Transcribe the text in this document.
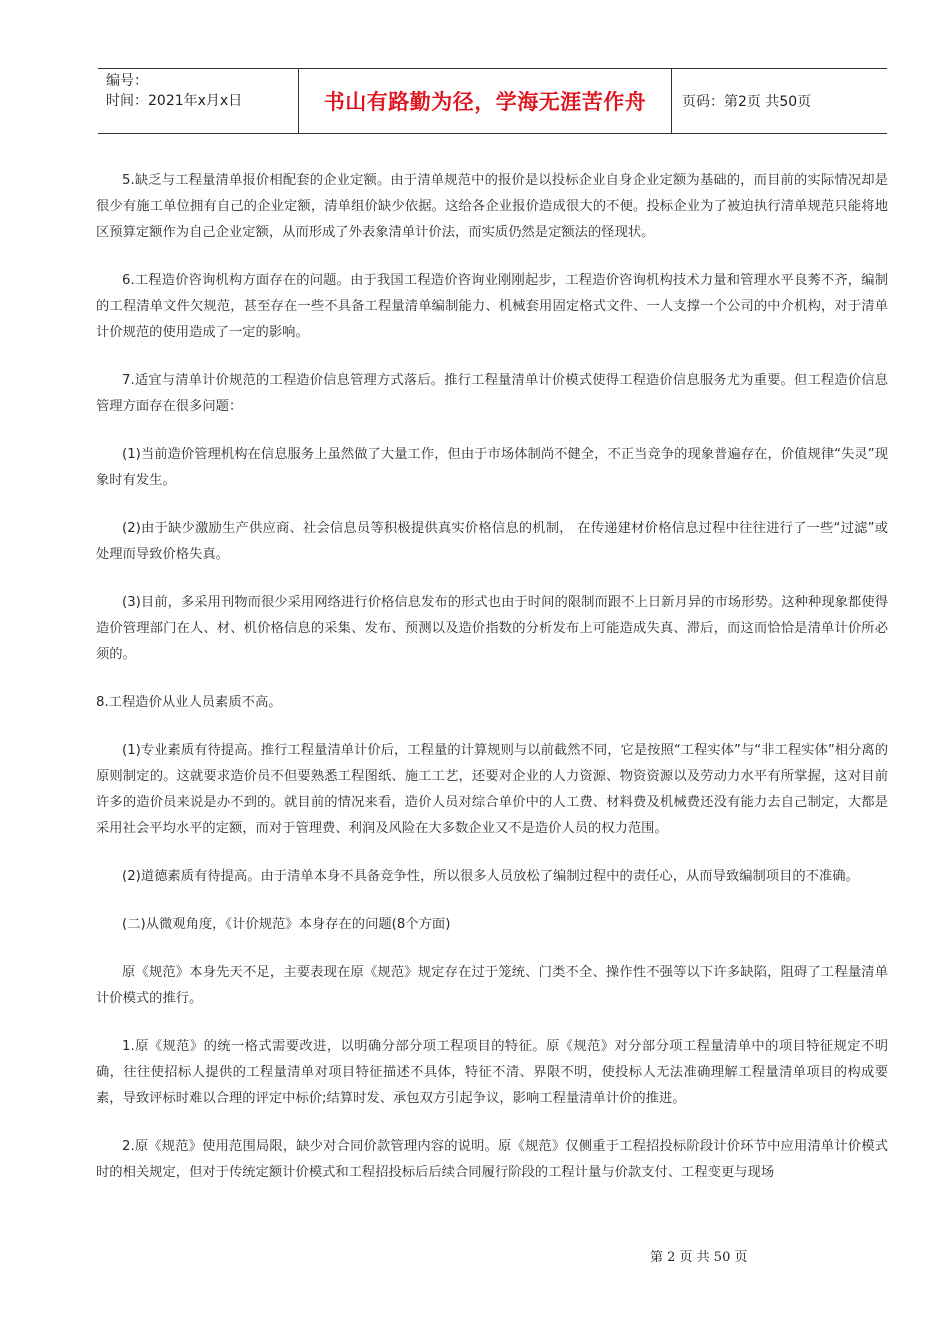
编号：
时间：2021年x月x日	书山有路勤为径，学海无涯苦作舟	页码：第2页 共50页

5.缺乏与工程量清单报价相配套的企业定额。由于清单规范中的报价是以投标企业自身企业定额为基础的，而目前的实际情况却是很少有施工单位拥有自己的企业定额，清单组价缺少依据。这给各企业报价造成很大的不便。投标企业为了被迫执行清单规范只能将地区预算定额作为自己企业定额，从而形成了外表象清单计价法，而实质仍然是定额法的怪现状。

6.工程造价咨询机构方面存在的问题。由于我国工程造价咨询业刚刚起步，工程造价咨询机构技术力量和管理水平良莠不齐，编制的工程清单文件欠规范，甚至存在一些不具备工程量清单编制能力、机械套用固定格式文件、一人支撑一个公司的中介机构，对于清单计价规范的使用造成了一定的影响。

7.适宜与清单计价规范的工程造价信息管理方式落后。推行工程量清单计价模式使得工程造价信息服务尤为重要。但工程造价信息管理方面存在很多问题：

(1)当前造价管理机构在信息服务上虽然做了大量工作，但由于市场体制尚不健全，不正当竞争的现象普遍存在，价值规律“失灵”现象时有发生。

(2)由于缺少激励生产供应商、社会信息员等积极提供真实价格信息的机制， 在传递建材价格信息过程中往往进行了一些“过滤”或处理而导致价格失真。

(3)目前，多采用刊物而很少采用网络进行价格信息发布的形式也由于时间的限制而跟不上日新月异的市场形势。这种种现象都使得造价管理部门在人、材、机价格信息的采集、发布、预测以及造价指数的分析发布上可能造成失真、滞后，而这而恰恰是清单计价所必须的。

8.工程造价从业人员素质不高。

(1)专业素质有待提高。推行工程量清单计价后，工程量的计算规则与以前截然不同，它是按照“工程实体”与“非工程实体”相分离的原则制定的。这就要求造价员不但要熟悉工程图纸、施工工艺，还要对企业的人力资源、物资资源以及劳动力水平有所掌握，这对目前许多的造价员来说是办不到的。就目前的情况来看，造价人员对综合单价中的人工费、材料费及机械费还没有能力去自己制定，大都是采用社会平均水平的定额，而对于管理费、利润及风险在大多数企业又不是造价人员的权力范围。

(2)道德素质有待提高。由于清单本身不具备竞争性，所以很多人员放松了编制过程中的责任心，从而导致编制项目的不准确。

(二)从微观角度，《计价规范》本身存在的问题(8个方面)

原《规范》本身先天不足，主要表现在原《规范》规定存在过于笼统、门类不全、操作性不强等以下许多缺陷，阻碍了工程量清单计价模式的推行。

1.原《规范》的统一格式需要改进，以明确分部分项工程项目的特征。原《规范》对分部分项工程量清单中的项目特征规定不明确，往往使招标人提供的工程量清单对项目特征描述不具体，特征不清、界限不明，使投标人无法准确理解工程量清单项目的构成要素，导致评标时难以合理的评定中标价;结算时发、承包双方引起争议，影响工程量清单计价的推进。

2.原《规范》使用范围局限，缺少对合同价款管理内容的说明。原《规范》仅侧重于工程招投标阶段计价环节中应用清单计价模式时的相关规定，但对于传统定额计价模式和工程招投标后后续合同履行阶段的工程计量与价款支付、工程变更与现场

第 2 页 共 50 页
